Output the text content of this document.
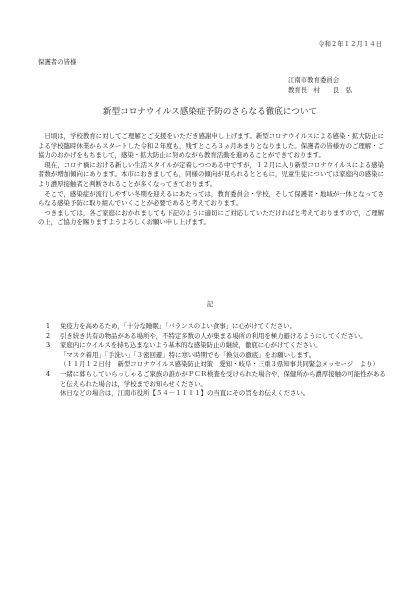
令和２年１２月１４日
保護者の皆様
江南市教育委員会
教育長　村　　良　弘
新型コロナウイルス感染症予防のさらなる徹底について

日頃は，学校教育に対してご理解とご支援をいただき感謝申し上げます。新型コロナウイルスによる感染・拡大防止による学校臨時休業からスタートした令和２年度も，残すところ３ヵ月あまりとなりました。保護者の皆様方のご理解・ご協力のおかげをもちまして，感染・拡大防止に努めながら教育活動を進めることができております。

現在，コロナ禍における新しい生活スタイルが定着しつつある中ですが，１２月に入り新型コロナウイルスによる感染者数が増加傾向にあります。本市におきましても，同様の傾向が見られるとともに，児童生徒については家庭内の感染により濃厚接触者と判断されることが多くなってきております。

そこで，感染症が流行しやすい冬期を迎えるにあたっては，教育委員会・学校，そして保護者・地域が一体となってさらなる感染予防に取り組んでいくことが必要であると考えております。

つきましては，各ご家庭におかれましても下記のように適切にご対応していただければと考えておりますので，ご理解の上，ご協力を賜りますようよろしくお願い申し上げます。

記
1	免疫力を高めるため，「十分な睡眠」「バランスのよい食事」に心がけてください。
2	引き続き共有の物品がある場所や，不特定多数の人が集まる場所の利用を極力避けるようにしてください。
3	家庭内にウイルスを持ち込まないよう基本的な感染防止の継続，徹底に心がけてください。
「マスク着用」「手洗い」「３密回避」特に寒い時期でも「換気の徹底」をお願いします。
（１１月１２日付　新型コロナウイルス感染防止対策　愛知・岐阜・三重３県知事共同緊急メッセージ　より）
4	一緒に暮らしていらっしゃるご家族の誰かがＰＣＲ検査を受けられた場合や，保健所から濃厚接触の可能性があると伝えられた場合は，学校までお知らせください。
休日などの場合は，江南市役所【５４－１１１１】の当直にその旨をお伝えください。
